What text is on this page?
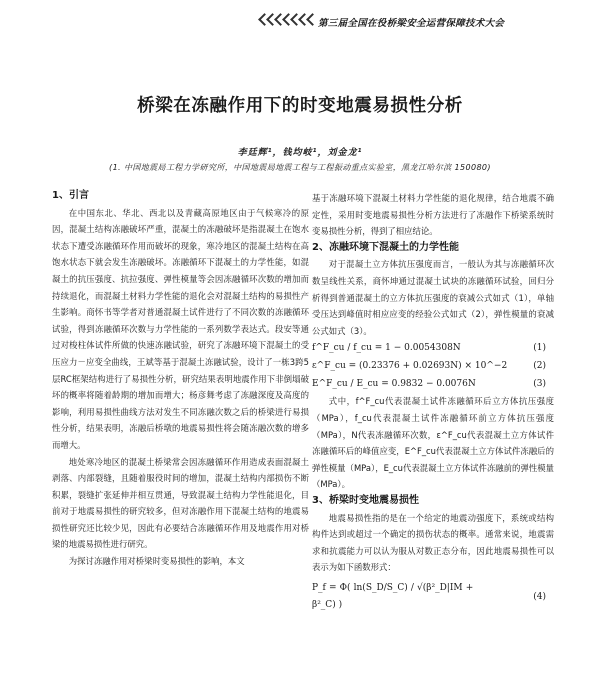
第三届全国在役桥梁安全运营保障技术大会
桥梁在冻融作用下的时变地震易损性分析
李廷辉¹，钱均岐¹，刘金龙¹
(1. 中国地震局工程力学研究所，中国地震局地震工程与工程振动重点实验室，黑龙江哈尔滨 150080)
1、引言

在中国东北、华北、西北以及青藏高原地区由于气候寒冷的原因，混凝土结构冻融破坏严重，混凝土的冻融破坏是指混凝土在饱水状态下遭受冻融循环作用而破坏的现象，寒冷地区的混凝土结构在高饱水状态下就会发生冻融破坏。冻融循环下混凝土的力学性能，如混凝土的抗压强度、抗拉强度、弹性模量等会因冻融循环次数的增加而持续退化，而混凝土材料力学性能的退化会对混凝土结构的易损性产生影响。商怀书等学者对普通混凝土试件进行了不同次数的冻融循环试验，得到冻融循环次数与力学性能的一系列数学表达式。段安等通过对梭柱体试件所做的快速冻融试验，研究了冻融环境下混凝土的受压应力－应变全曲线，王斌等基于混凝土冻融试验，设计了一栋3跨5层RC框架结构进行了易损性分析，研究结果表明地震作用下非倒塌破坏的概率将随着龄期的增加而增大；杨彦舞考虑了冻融深度及高度的影响，利用易损性曲线方法对发生不同冻融次数之后的桥梁进行易损性分析，结果表明，冻融后桥墩的地震易损性将会随冻融次数的增多而增大。

地处寒冷地区的混凝土桥梁常会因冻融循环作用造成表面混凝土剥落、内部裂缝，且随着服役时间的增加，混凝土结构内部损伤不断积累，裂缝扩张延伸并相互贯通，导致混凝土结构力学性能退化，目前对于地震易损性的研究较多，但对冻融作用下混凝土结构的地震易损性研究还比较少见，因此有必要结合冻融循环作用及地震作用对桥梁的地震易损性进行研究。

为探讨冻融作用对桥梁时变易损性的影响，本文

基于冻融环境下混凝土材料力学性能的退化规律，结合地震不确定性，采用时变地震易损性分析方法进行了冻融作下桥梁系统时变易损性分析，得到了相应结论。

2、冻融环境下混凝土的力学性能

对于混凝土立方体抗压强度而言，一般认为其与冻融循环次数呈线性关系，商怀坤通过混凝土试块的冻融循环试验，回归分析得到普通混凝土的立方体抗压强度的衰减公式如式（1），单轴受压达到峰值时相应应变的经验公式如式（2），弹性模量的衰减公式如式（3）。

f^F_cu / f_cu = 1 − 0.0054308N	(1)
ε^F_cu = (0.23376 + 0.02693N) × 10^−2	(2)
E^F_cu / E_cu = 0.9832 − 0.0076N	(3)

式中，f^F_cu代表混凝土试件冻融循环后立方体抗压强度（MPa），f_cu代表混凝土试件冻融循环前立方体抗压强度（MPa），N代表冻融循环次数，ε^F_cu代表混凝土立方体试件冻融循环后的峰值应变，E^F_cu代表混凝土立方体试件冻融后的弹性模量（MPa），E_cu代表混凝土立方体试件冻融前的弹性模量（MPa）。

3、桥梁时变地震易损性

地震易损性指的是在一个给定的地震动强度下，系统或结构构件达到或超过一个确定的损伤状态的概率。通常来说，地震需求和抗震能力可以认为服从对数正态分布，因此地震易损性可以表示为如下函数形式：

P_f = Φ( ln(S_D/S_C) / √(β²_D|IM + β²_C) )
(4)
